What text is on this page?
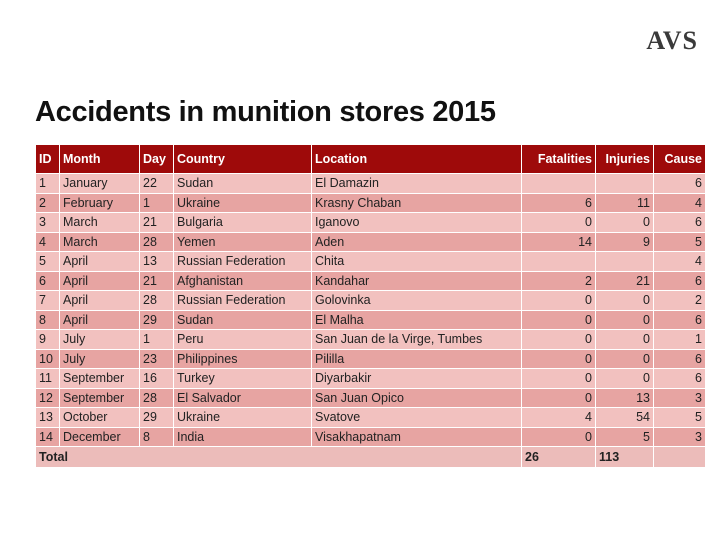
AVS
Accidents in munition stores 2015
ID	Month	Day	Country	Location	Fatalities	Injuries	Cause
1	January	22	Sudan	El Damazin			6
2	February	1	Ukraine	Krasny Chaban	6	11	4
3	March	21	Bulgaria	Iganovo	0	0	6
4	March	28	Yemen	Aden	14	9	5
5	April	13	Russian Federation	Chita			4
6	April	21	Afghanistan	Kandahar	2	21	6
7	April	28	Russian Federation	Golovinka	0	0	2
8	April	29	Sudan	El Malha	0	0	6
9	July	1	Peru	San Juan de la Virge, Tumbes	0	0	1
10	July	23	Philippines	Pililla	0	0	6
11	September	16	Turkey	Diyarbakir	0	0	6
12	September	28	El Salvador	San Juan Opico	0	13	3
13	October	29	Ukraine	Svatove	4	54	5
14	December	8	India	Visakhapatnam	0	5	3
Total					26	113	
